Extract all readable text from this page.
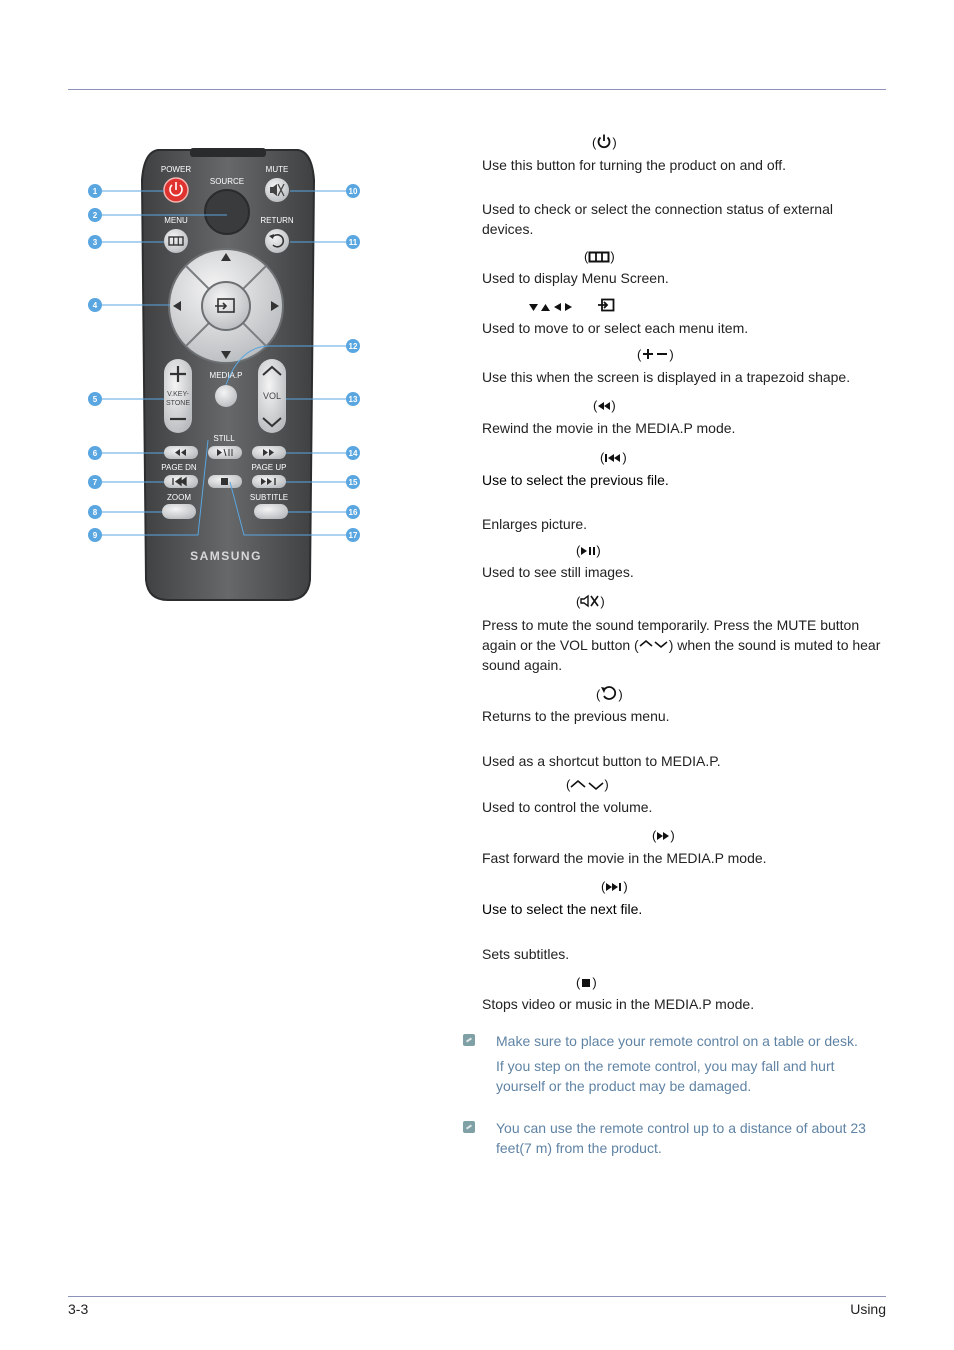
POWER
SOURCE
MUTE
MENU	RETURN
V.KEY-
STONE
MEDIA.P
VOL
STILL
PAGE DN	PAGE UP
ZOOM	SUBTITLE
SAMSUNG
1
2
3
4
5
6
7
8
9
10
11
12
13
14
15
16
17
( )
Use this button for turning the product on and off.
Used to check or select the connection status of external devices.
( )
Used to display Menu Screen.
Used to move to or select each menu item.
( )
Use this when the screen is displayed in a trapezoid shape.
( )
Rewind the movie in the MEDIA.P mode.
( )
Use to select the previous file.
Enlarges picture.
( )
Used to see still images.
( )
Press to mute the sound temporarily. Press the MUTE button again or the VOL button ( ) when the sound is muted to hear sound again.
( )
Returns to the previous menu.
Used as a shortcut button to MEDIA.P.
(	)
Used to control the volume.
( )
Fast forward the movie in the MEDIA.P mode.
( )
Use to select the next file.
Sets subtitles.
( )
Stops video or music in the MEDIA.P mode.
Make sure to place your remote control on a table or desk.
If you step on the remote control, you may fall and hurt yourself or the product may be damaged.
You can use the remote control up to a distance of about 23 feet(7 m) from the product.
3-3	Using
